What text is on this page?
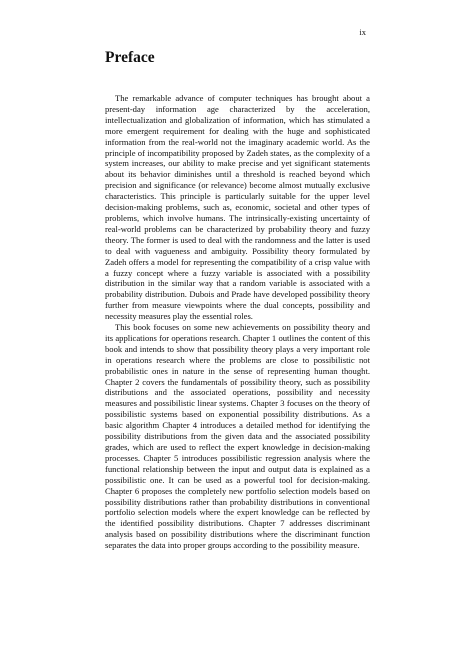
ix
Preface

The remarkable advance of computer techniques has brought about a present-day information age characterized by the acceleration, intellectualization and globalization of information, which has stimulated a more emergent requirement for dealing with the huge and sophisticated information from the real-world not the imaginary academic world. As the principle of incompatibility proposed by Zadeh states, as the complexity of a system increases, our ability to make precise and yet significant statements about its behavior diminishes until a threshold is reached beyond which precision and significance (or relevance) become almost mutually exclusive characteristics. This principle is particularly suitable for the upper level decision-making problems, such as, economic, societal and other types of problems, which involve humans. The intrinsically-existing uncertainty of real-world problems can be characterized by probability theory and fuzzy theory. The former is used to deal with the randomness and the latter is used to deal with vagueness and ambiguity. Possibility theory formulated by Zadeh offers a model for representing the compatibility of a crisp value with a fuzzy concept where a fuzzy variable is associated with a possibility distribution in the similar way that a random variable is associated with a probability distribution. Dubois and Prade have developed possibility theory further from measure viewpoints where the dual concepts, possibility and necessity measures play the essential roles.

This book focuses on some new achievements on possibility theory and its applications for operations research. Chapter 1 outlines the content of this book and intends to show that possibility theory plays a very important role in operations research where the problems are close to possibilistic not probabilistic ones in nature in the sense of representing human thought. Chapter 2 covers the fundamentals of possibility theory, such as possibility distributions and the associated operations, possibility and necessity measures and possibilistic linear systems. Chapter 3 focuses on the theory of possibilistic systems based on exponential possibility distributions. As a basic algorithm Chapter 4 introduces a detailed method for identifying the possibility distributions from the given data and the associated possibility grades, which are used to reflect the expert knowledge in decision-making processes. Chapter 5 introduces possibilistic regression analysis where the functional relationship between the input and output data is explained as a possibilistic one. It can be used as a powerful tool for decision-making. Chapter 6 proposes the completely new portfolio selection models based on possibility distributions rather than probability distributions in conventional portfolio selection models where the expert knowledge can be reflected by the identified possibility distributions. Chapter 7 addresses discriminant analysis based on possibility distributions where the discriminant function separates the data into proper groups according to the possibility measure.
